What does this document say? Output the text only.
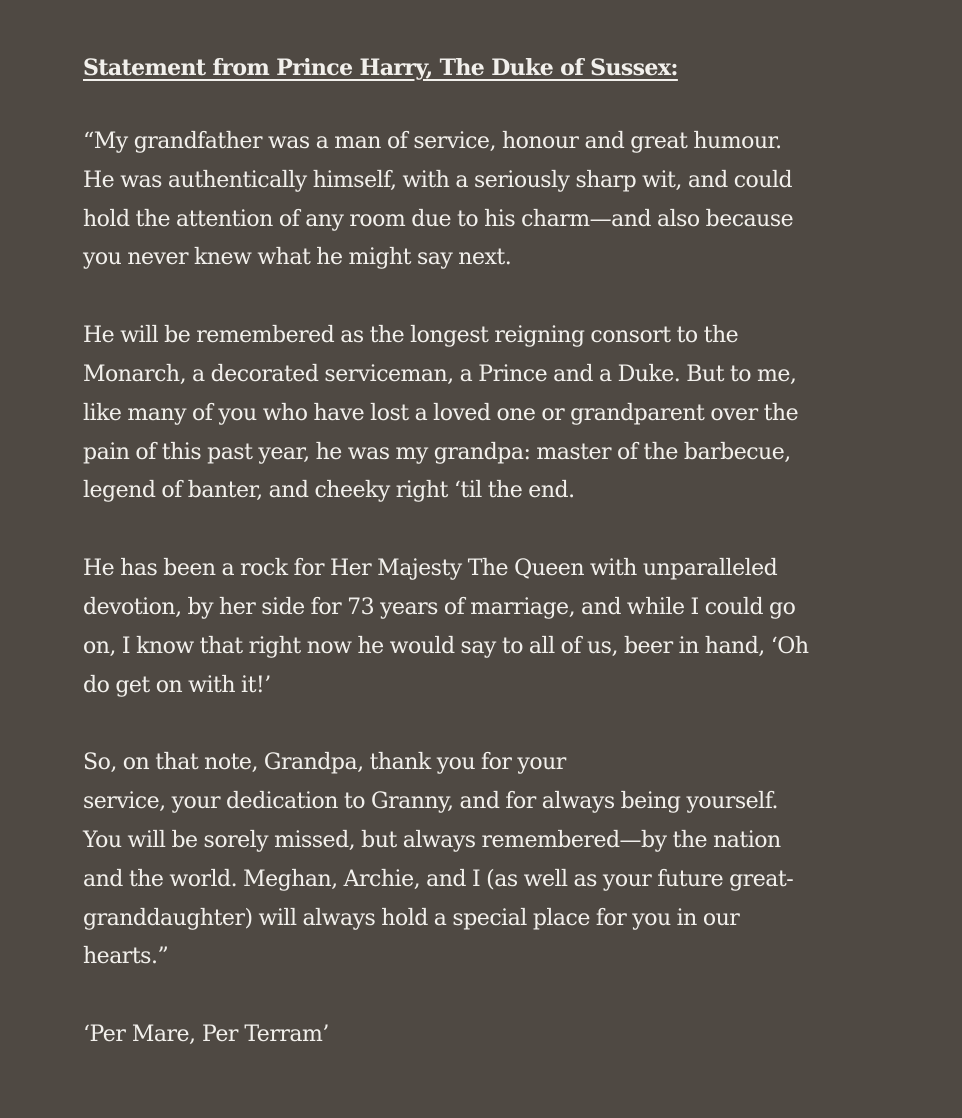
Statement from Prince Harry, The Duke of Sussex:

“My grandfather was a man of service, honour and great humour.
He was authentically himself, with a seriously sharp wit, and could
hold the attention of any room due to his charm—and also because
you never knew what he might say next.

He will be remembered as the longest reigning consort to the
Monarch, a decorated serviceman, a Prince and a Duke. But to me,
like many of you who have lost a loved one or grandparent over the
pain of this past year, he was my grandpa: master of the barbecue,
legend of banter, and cheeky right ‘til the end.

He has been a rock for Her Majesty The Queen with unparalleled
devotion, by her side for 73 years of marriage, and while I could go
on, I know that right now he would say to all of us, beer in hand, ‘Oh
do get on with it!’

So, on that note, Grandpa, thank you for your
service, your dedication to Granny, and for always being yourself.
You will be sorely missed, but always remembered—by the nation
and the world. Meghan, Archie, and I (as well as your future great-
granddaughter) will always hold a special place for you in our
hearts.”

‘Per Mare, Per Terram’
